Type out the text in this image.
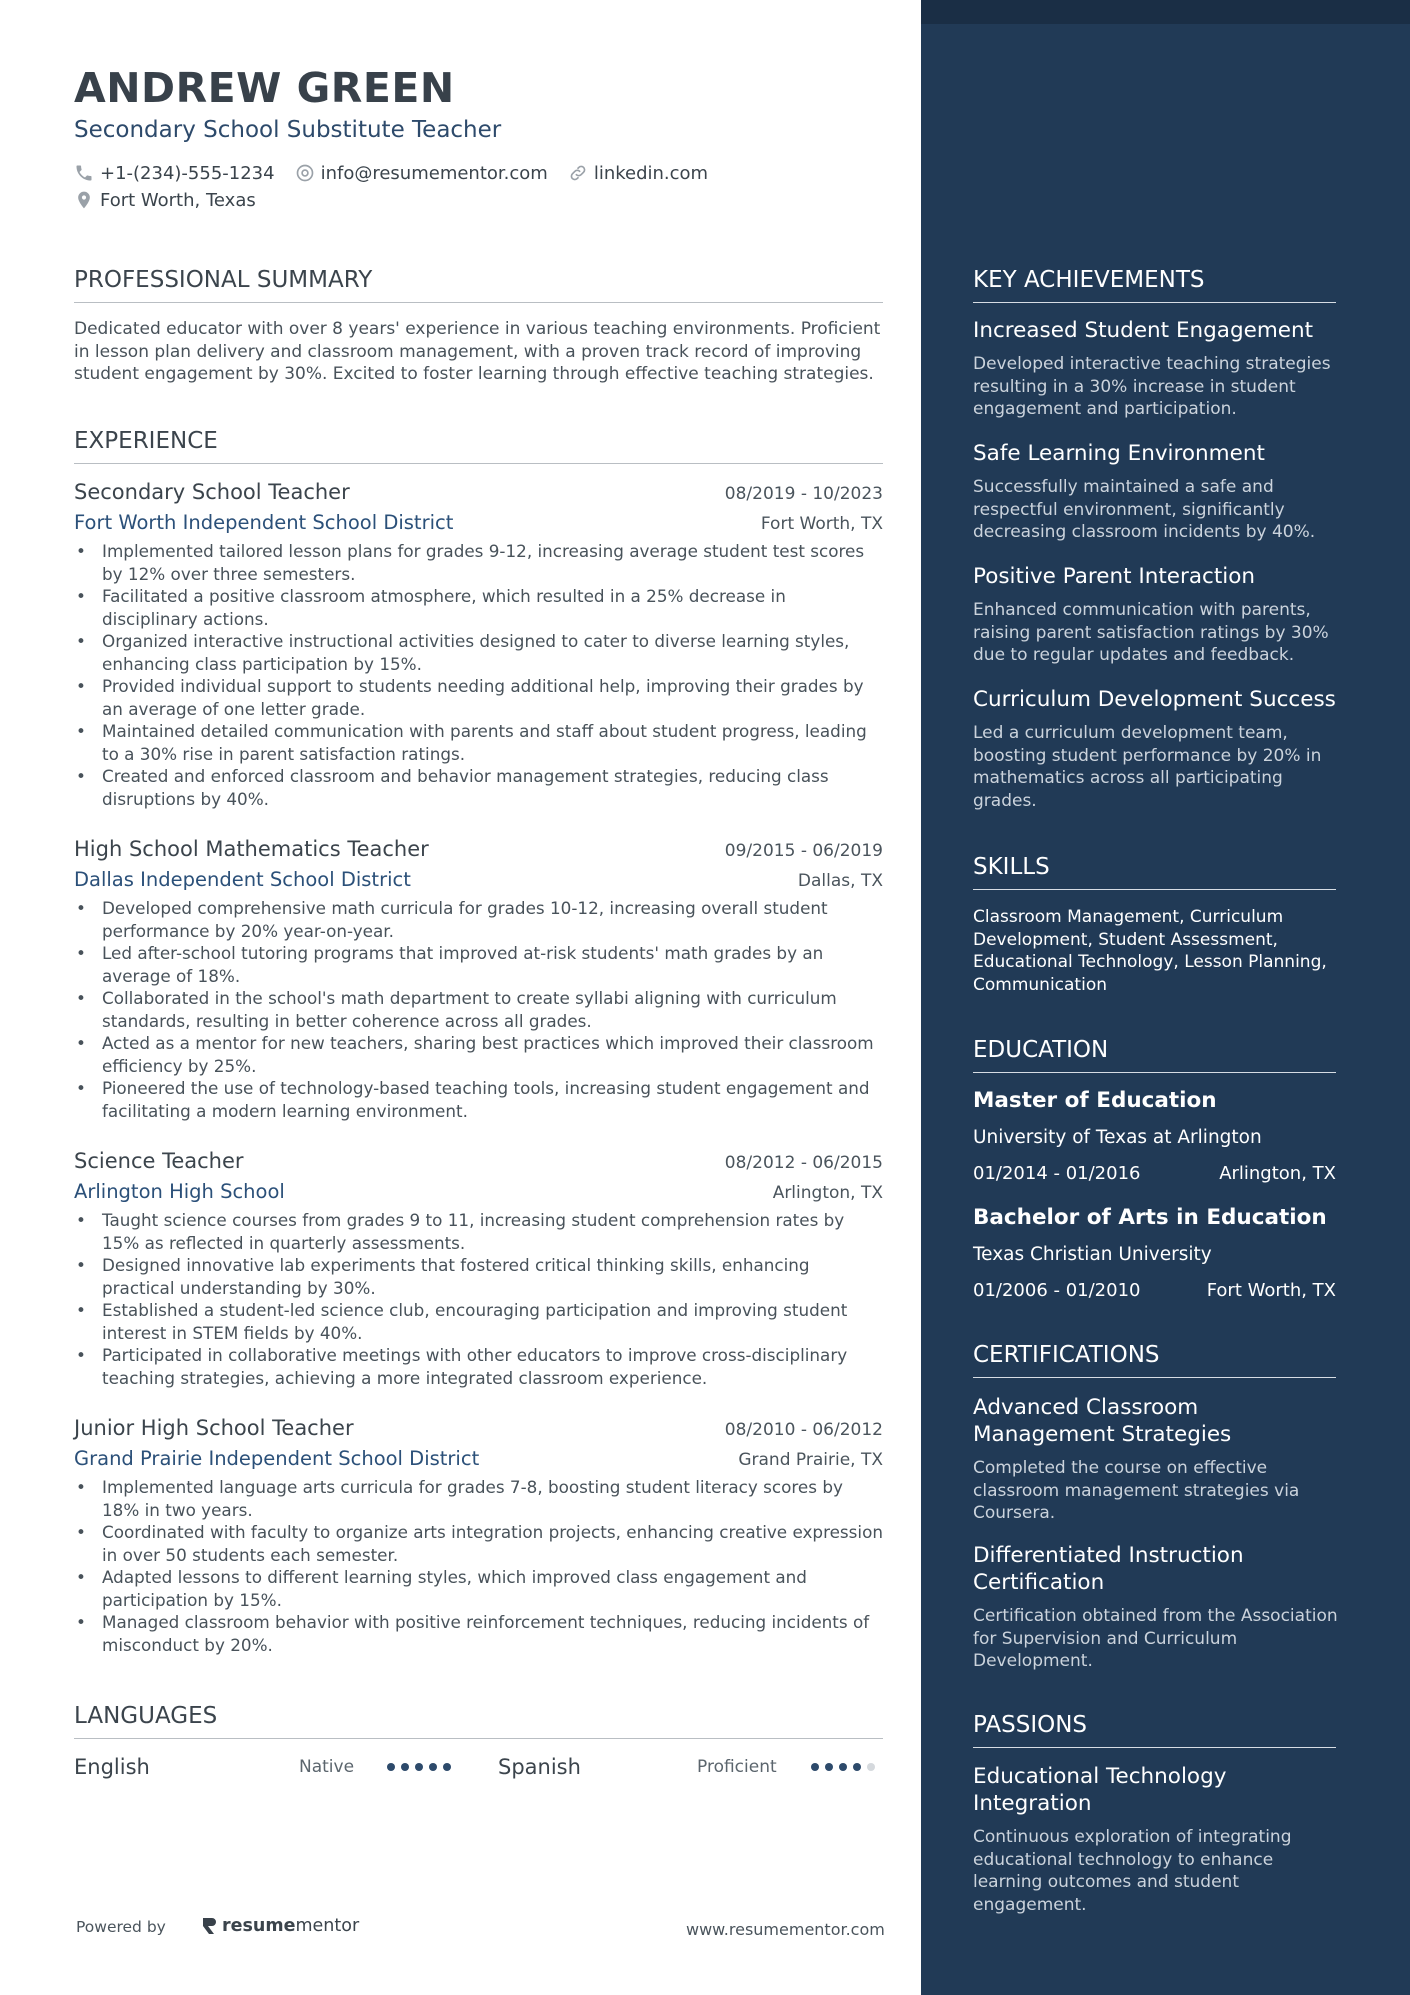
ANDREW GREEN
Secondary School Substitute Teacher
+1-(234)-555-1234	info@resumementor.com	linkedin.com
Fort Worth, Texas
PROFESSIONAL SUMMARY
Dedicated educator with over 8 years' experience in various teaching environments. Proficient in lesson plan delivery and classroom management, with a proven track record of improving student engagement by 30%. Excited to foster learning through effective teaching strategies.
EXPERIENCE
Secondary School Teacher	08/2019 - 10/2023
Fort Worth Independent School District	Fort Worth, TX
• Implemented tailored lesson plans for grades 9-12, increasing average student test scores by 12% over three semesters.
• Facilitated a positive classroom atmosphere, which resulted in a 25% decrease in disciplinary actions.
• Organized interactive instructional activities designed to cater to diverse learning styles, enhancing class participation by 15%.
• Provided individual support to students needing additional help, improving their grades by an average of one letter grade.
• Maintained detailed communication with parents and staff about student progress, leading to a 30% rise in parent satisfaction ratings.
• Created and enforced classroom and behavior management strategies, reducing class disruptions by 40%.
High School Mathematics Teacher	09/2015 - 06/2019
Dallas Independent School District	Dallas, TX
• Developed comprehensive math curricula for grades 10-12, increasing overall student performance by 20% year-on-year.
• Led after-school tutoring programs that improved at-risk students' math grades by an average of 18%.
• Collaborated in the school's math department to create syllabi aligning with curriculum standards, resulting in better coherence across all grades.
• Acted as a mentor for new teachers, sharing best practices which improved their classroom efficiency by 25%.
• Pioneered the use of technology-based teaching tools, increasing student engagement and facilitating a modern learning environment.
Science Teacher	08/2012 - 06/2015
Arlington High School	Arlington, TX
• Taught science courses from grades 9 to 11, increasing student comprehension rates by 15% as reflected in quarterly assessments.
• Designed innovative lab experiments that fostered critical thinking skills, enhancing practical understanding by 30%.
• Established a student-led science club, encouraging participation and improving student interest in STEM fields by 40%.
• Participated in collaborative meetings with other educators to improve cross-disciplinary teaching strategies, achieving a more integrated classroom experience.
Junior High School Teacher	08/2010 - 06/2012
Grand Prairie Independent School District	Grand Prairie, TX
• Implemented language arts curricula for grades 7-8, boosting student literacy scores by 18% in two years.
• Coordinated with faculty to organize arts integration projects, enhancing creative expression in over 50 students each semester.
• Adapted lessons to different learning styles, which improved class engagement and participation by 15%.
• Managed classroom behavior with positive reinforcement techniques, reducing incidents of misconduct by 20%.
LANGUAGES
English	Native	Spanish	Proficient
Powered by	resume mentor	www.resumementor.com
KEY ACHIEVEMENTS
Increased Student Engagement
Developed interactive teaching strategies resulting in a 30% increase in student engagement and participation.
Safe Learning Environment
Successfully maintained a safe and respectful environment, significantly decreasing classroom incidents by 40%.
Positive Parent Interaction
Enhanced communication with parents, raising parent satisfaction ratings by 30% due to regular updates and feedback.
Curriculum Development Success
Led a curriculum development team, boosting student performance by 20% in mathematics across all participating grades.
SKILLS
Classroom Management, Curriculum Development, Student Assessment, Educational Technology, Lesson Planning, Communication
EDUCATION
Master of Education
University of Texas at Arlington
01/2014 - 01/2016	Arlington, TX
Bachelor of Arts in Education
Texas Christian University
01/2006 - 01/2010	Fort Worth, TX
CERTIFICATIONS
Advanced Classroom Management Strategies
Completed the course on effective classroom management strategies via Coursera.
Differentiated Instruction Certification
Certification obtained from the Association for Supervision and Curriculum Development.
PASSIONS
Educational Technology Integration
Continuous exploration of integrating educational technology to enhance learning outcomes and student engagement.
